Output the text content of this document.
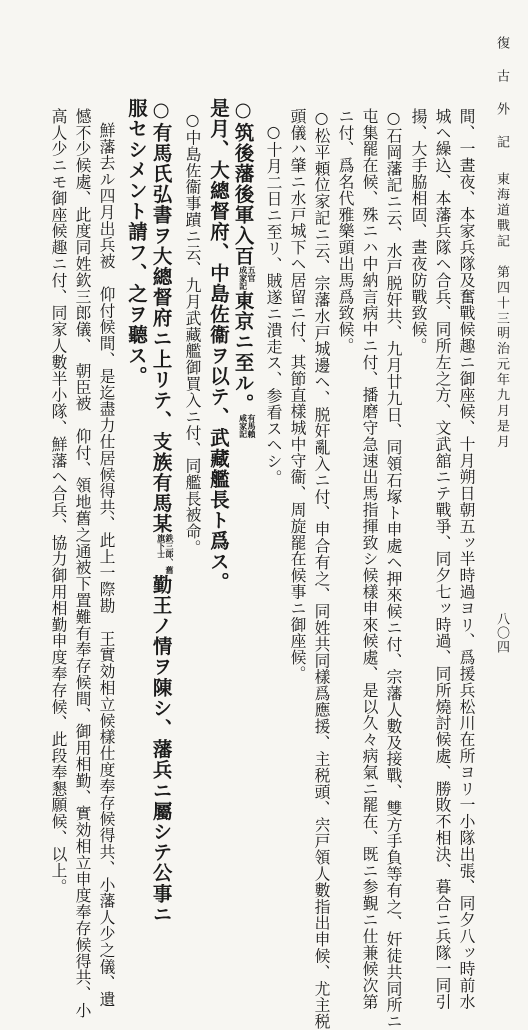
復 古 外 記
東海道戰記　第四十三
明治元年九月是月
八〇四
間、一晝夜、本家兵隊及奮戰候趣ニ御座候、十月朔日朝五ッ半時過ヨリ、爲援兵松川在所ヨリ一小隊出張、同夕八ッ時前水
城ヘ繰込、本藩兵隊ヘ合兵、同所左之方、文武舘ニテ戰爭、同夕七ッ時過、同所燒討候處、勝敗不相決、暮合ニ兵隊一同引
揚、大手脇相固、晝夜防戰致候。
○石岡藩記ニ云、水戸脱奸共、九月廿九日、同領石塚ト申處ヘ押來候ニ付、宗藩人數及接戰、雙方手負等有之、奸徒共同所ニ
屯集罷在候、殊ニハ中納言病中ニ付、播磨守急速出馬指揮致シ候樣申來候處、是以久々病氣ニ罷在、既ニ参覲ニ仕兼候次第
ニ付、爲名代雅樂頭出馬爲致候。
○松平頼位家記ニ云、宗藩水戸城邊ヘ、脱奸亂入ニ付、申合有之、同姓共同樣爲應援、主税頭、宍戸領人數指出申候、尤主税
頭儀ハ肇ニ水戸城下ヘ居留ニ付、其節直樣城中守衞、周旋罷在候事ニ御座候。
○十月二日ニ至リ、賊遂ニ潰走ス、参看スヘシ。
○筑後藩後軍入百五官
成家記東京ニ至ル。有馬賴
咸家記
是月、大總督府、中島佐衞ヲ以テ、武藏艦長ト爲ス。
○中島佐衞事蹟ニ云、九月武藏艦御買入ニ付、同艦長被命。
○有馬氏弘書ヲ大總督府ニ上リテ、支族有馬某鉄三郎、舊
旗下士勤王ノ情ヲ陳シ、藩兵ニ屬シテ公事ニ
服セシメント請フ、之ヲ聽ス。
鮮藩去ル四月出兵被　仰付候間、是迄盡力仕居候得共、此上一際勘　王實効相立候樣仕度奉存候得共、小藩人少之儀、遺
憾不少候處、此度同姓欽三郎儀、　朝臣被　仰付、領地舊之通被下置難有奉存候間、御用相勤、實効相立申度奉存候得共、小
高人少ニモ御座候趣ニ付、同家人數半小隊、鮮藩ヘ合兵、協力御用相勤申度奉存候、此段奉懇願候、以上。
